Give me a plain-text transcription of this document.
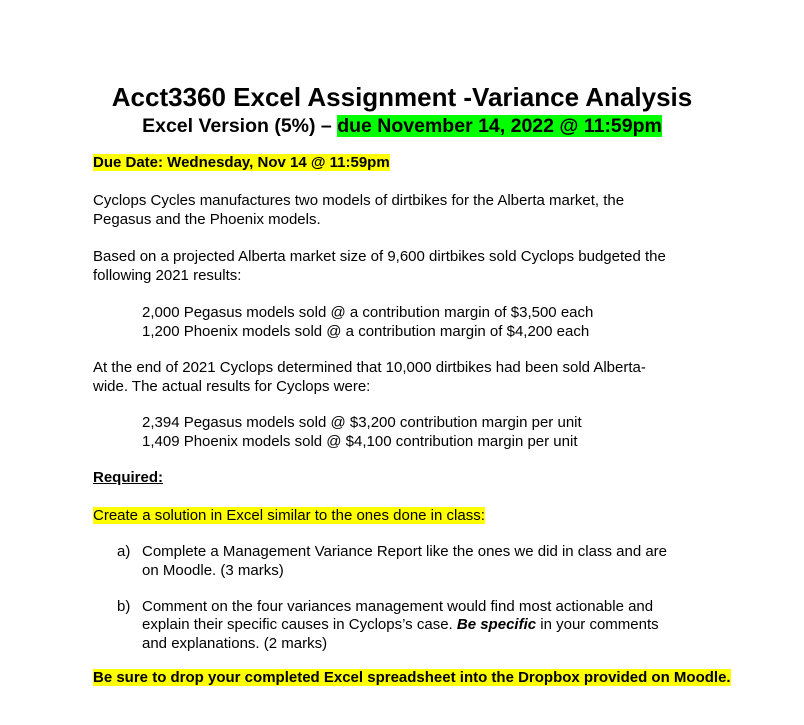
Acct3360 Excel Assignment -Variance Analysis
Excel Version (5%) – due November 14, 2022 @ 11:59pm
Due Date: Wednesday, Nov 14 @ 11:59pm
Cyclops Cycles manufactures two models of dirtbikes for the Alberta market, the
Pegasus and the Phoenix models.
Based on a projected Alberta market size of 9,600 dirtbikes sold Cyclops budgeted the
following 2021 results:
2,000 Pegasus models sold @ a contribution margin of $3,500 each
1,200 Phoenix models sold @ a contribution margin of $4,200 each
At the end of 2021 Cyclops determined that 10,000 dirtbikes had been sold Alberta-
wide. The actual results for Cyclops were:
2,394 Pegasus models sold @ $3,200 contribution margin per unit
1,409 Phoenix models sold @ $4,100 contribution margin per unit
Required:
Create a solution in Excel similar to the ones done in class:
a) Complete a Management Variance Report like the ones we did in class and are
on Moodle. (3 marks)
b) Comment on the four variances management would find most actionable and
explain their specific causes in Cyclops’s case. Be specific in your comments
and explanations. (2 marks)
Be sure to drop your completed Excel spreadsheet into the Dropbox provided on Moodle.
